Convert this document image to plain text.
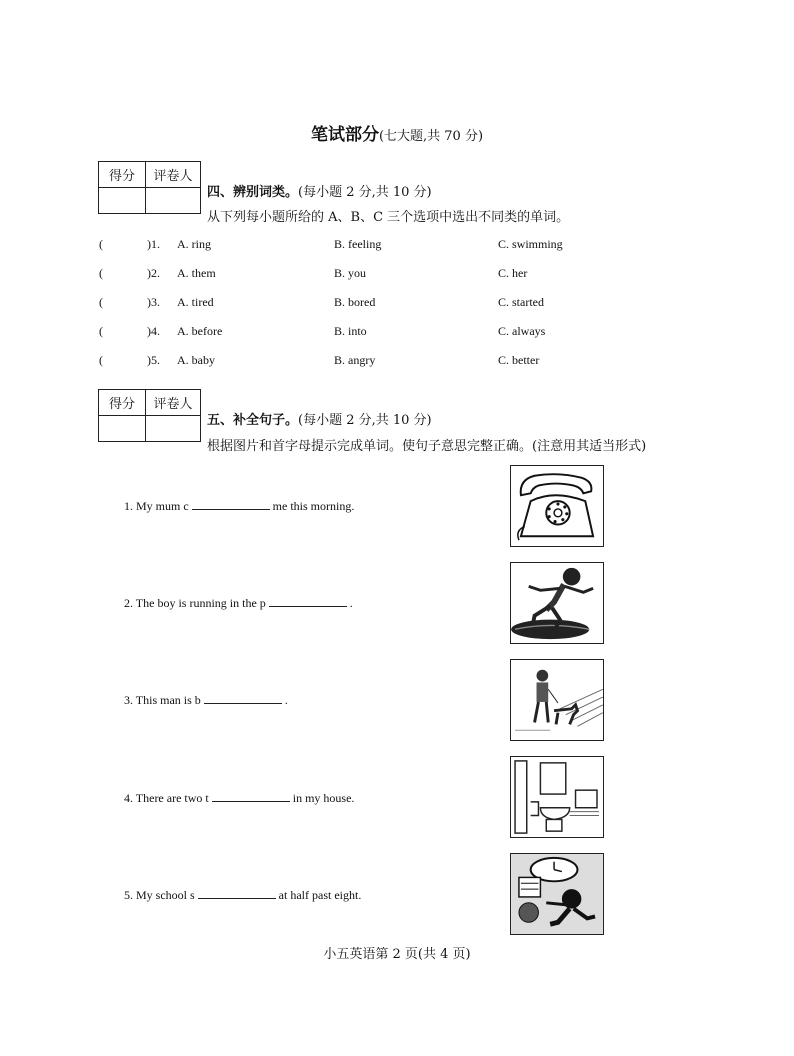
笔试部分(七大题,共 70 分)
得分	评卷人

四、辨别词类。(每小题 2 分,共 10 分)
从下列每小题所给的 A、B、C 三个选项中选出不同类的单词。
(	)1. A. ring	B. feeling	C. swimming
(	)2. A. them	B. you	C. her
(	)3. A. tired	B. bored	C. started
(	)4. A. before	B. into	C. always
(	)5. A. baby	B. angry	C. better
得分	评卷人

五、补全句子。(每小题 2 分,共 10 分)
根据图片和首字母提示完成单词。使句子意思完整正确。(注意用其适当形式)
1. My mum c	me this morning.
2. The boy is running in the p	.
3. This man is b	.
4. There are two t	in my house.
5. My school s	at half past eight.
小五英语第 2 页(共 4 页)
